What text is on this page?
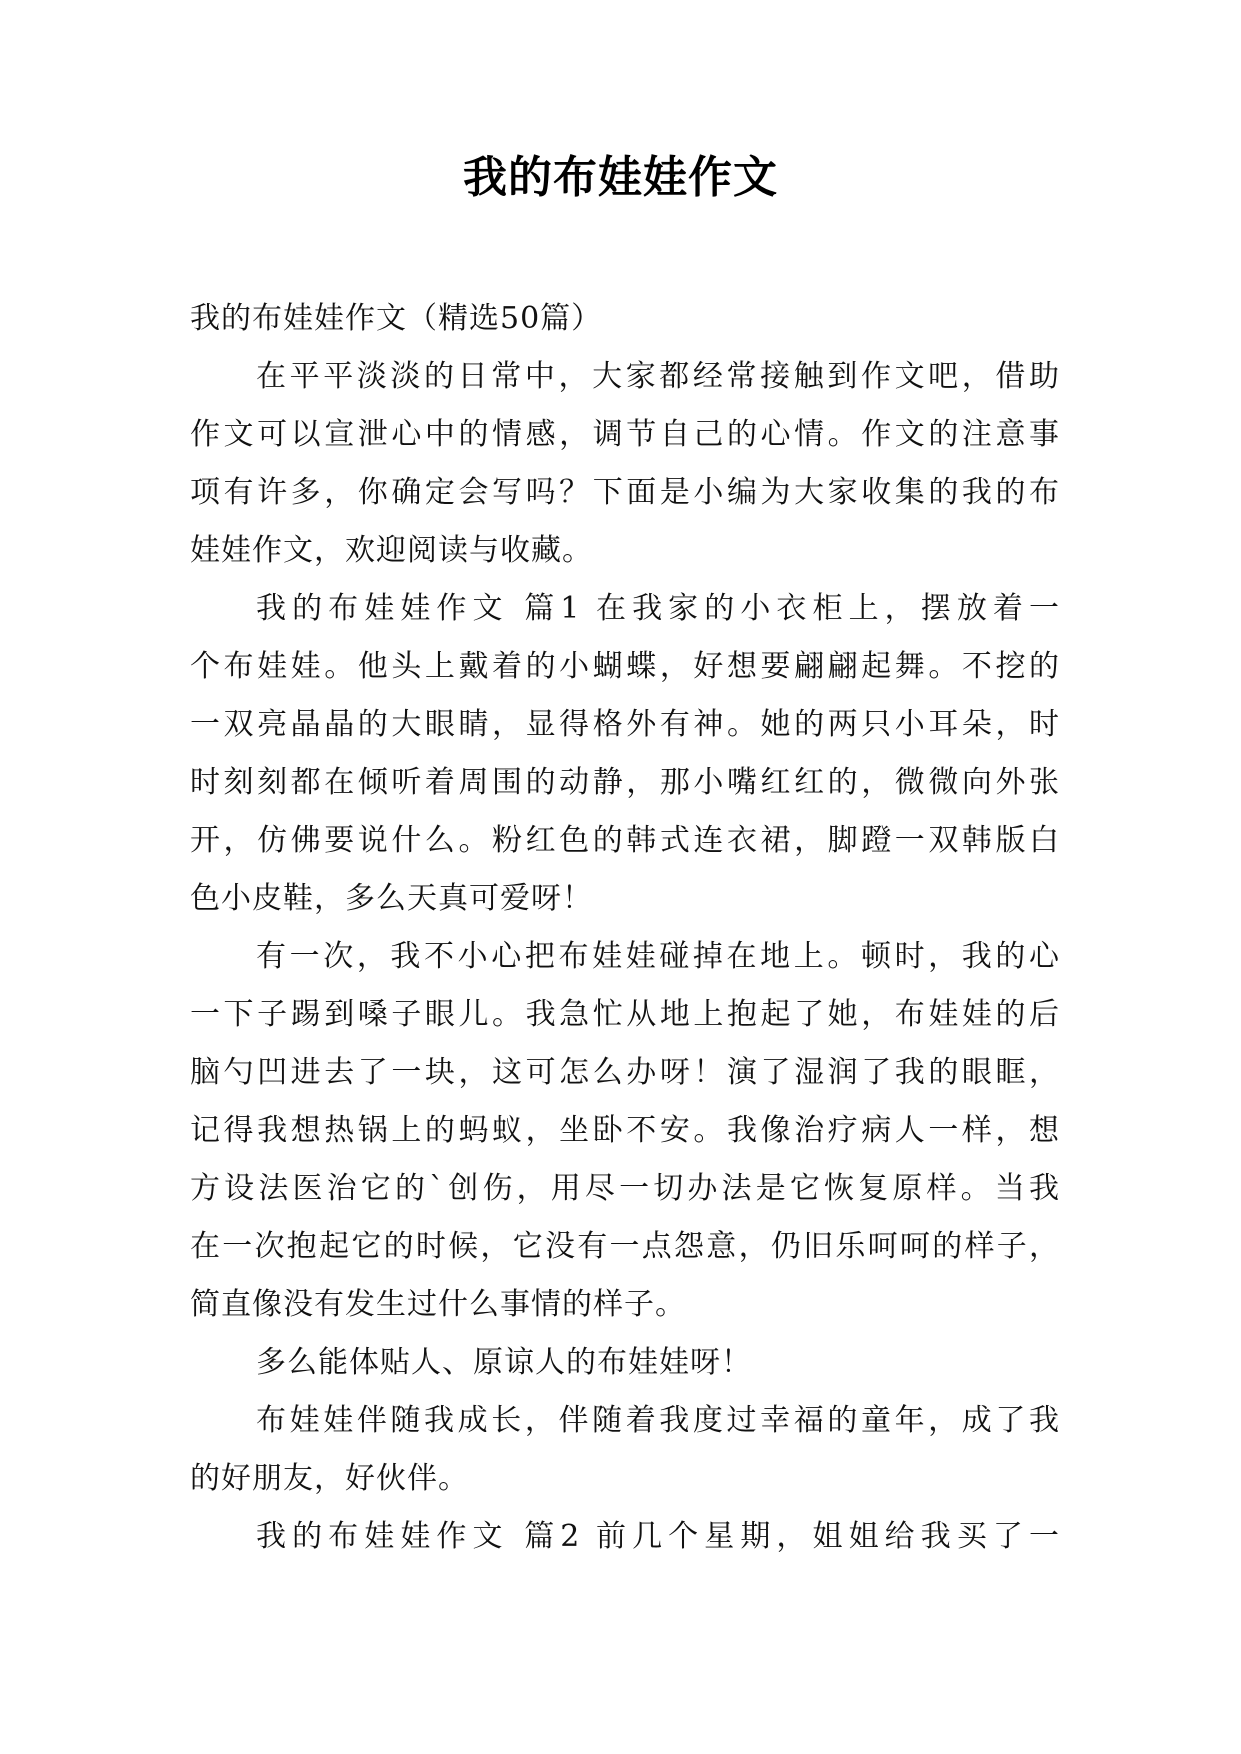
我的布娃娃作文
我的布娃娃作文（精选50篇）
在平平淡淡的日常中，大家都经常接触到作文吧，借助
作文可以宣泄心中的情感，调节自己的心情。作文的注意事
项有许多，你确定会写吗？下面是小编为大家收集的我的布
娃娃作文，欢迎阅读与收藏。
我的布娃娃作文 篇1 在我家的小衣柜上，摆放着一
个布娃娃。他头上戴着的小蝴蝶，好想要翩翩起舞。不挖的
一双亮晶晶的大眼睛，显得格外有神。她的两只小耳朵，时
时刻刻都在倾听着周围的动静，那小嘴红红的，微微向外张
开，仿佛要说什么。粉红色的韩式连衣裙，脚蹬一双韩版白
色小皮鞋，多么天真可爱呀！
有一次，我不小心把布娃娃碰掉在地上。顿时，我的心
一下子踢到嗓子眼儿。我急忙从地上抱起了她，布娃娃的后
脑勺凹进去了一块，这可怎么办呀！演了湿润了我的眼眶，
记得我想热锅上的蚂蚁，坐卧不安。我像治疗病人一样，想
方设法医治它的`创伤，用尽一切办法是它恢复原样。当我
在一次抱起它的时候，它没有一点怨意，仍旧乐呵呵的样子，
简直像没有发生过什么事情的样子。
多么能体贴人、原谅人的布娃娃呀！
布娃娃伴随我成长，伴随着我度过幸福的童年，成了我
的好朋友，好伙伴。
我的布娃娃作文 篇2 前几个星期，姐姐给我买了一
